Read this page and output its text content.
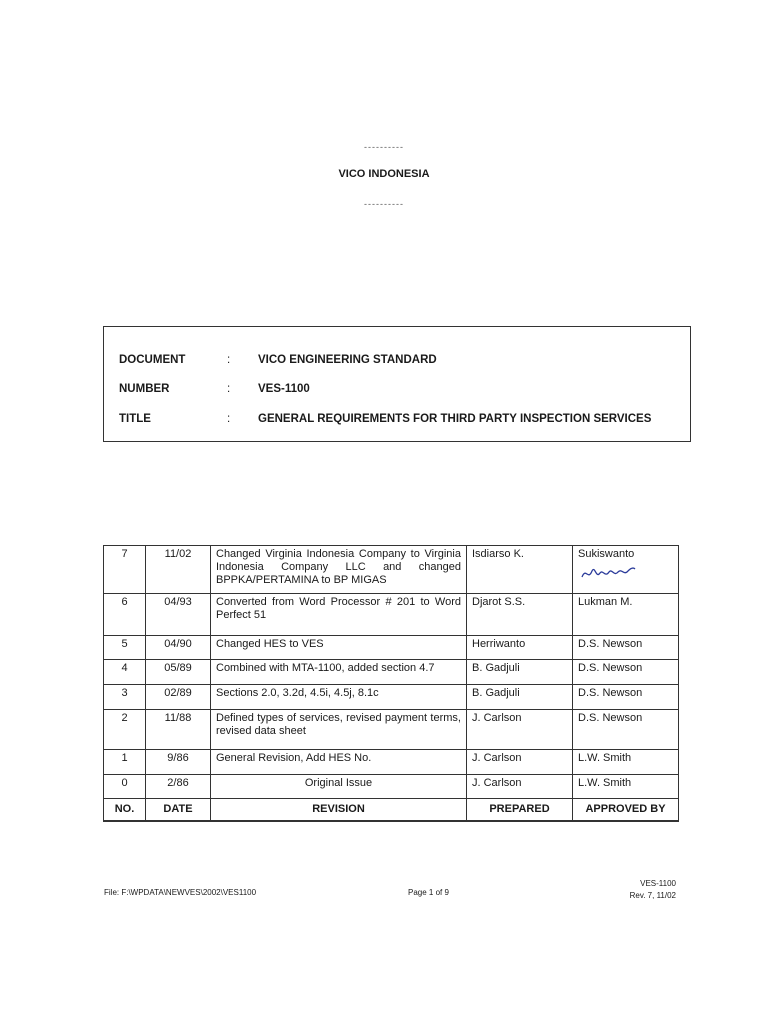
----------
VICO INDONESIA
----------
DOCUMENT	: VICO ENGINEERING STANDARD
NUMBER	: VES-1100
TITLE	: GENERAL REQUIREMENTS FOR THIRD PARTY INSPECTION SERVICES
7	11/02	Changed Virginia Indonesia Company to Virginia Indonesia Company LLC and changed BPPKA/PERTAMINA to BP MIGAS	Isdiarso K.	Sukiswanto

6	04/93	Converted from Word Processor # 201 to Word Perfect 51	Djarot S.S.	Lukman M.
5	04/90	Changed HES to VES	Herriwanto	D.S. Newson
4	05/89	Combined with MTA-1100, added section 4.7	B. Gadjuli	D.S. Newson
3	02/89	Sections 2.0, 3.2d, 4.5i, 4.5j, 8.1c	B. Gadjuli	D.S. Newson
2	11/88	Defined types of services, revised payment terms, revised data sheet	J. Carlson	D.S. Newson
1	9/86	General Revision, Add HES No.	J. Carlson	L.W. Smith
0	2/86	Original Issue	J. Carlson	L.W. Smith
NO.	DATE	REVISION	PREPARED	APPROVED BY
File: F:\WPDATA\NEWVES\2002\VES1100	Page 1 of 9
VES-1100
Rev. 7, 11/02
